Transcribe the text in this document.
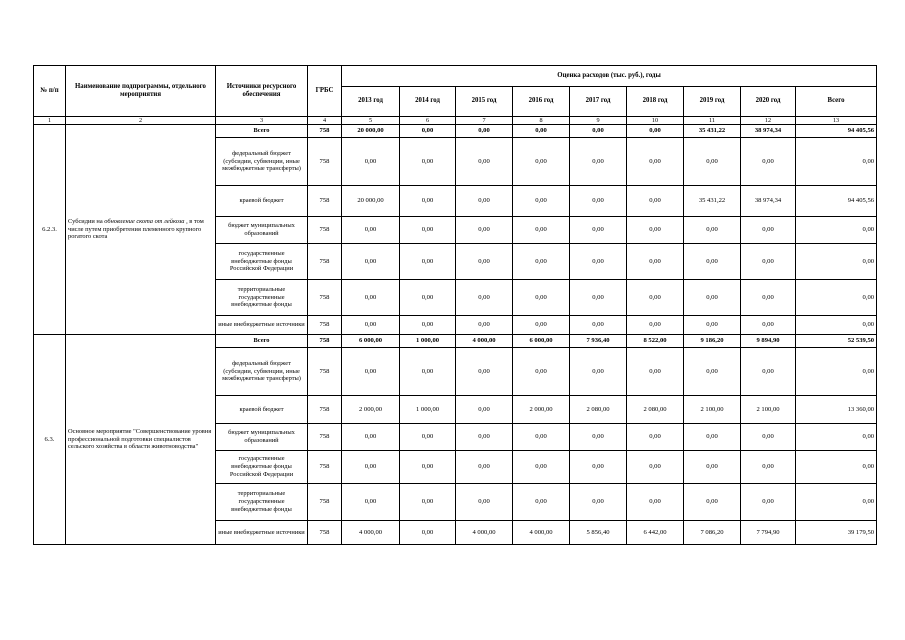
№ п/п	Наименование подпрограммы, отдельного мероприятия	Источники ресурсного обеспечения	ГРБС	Оценка расходов (тыс. руб.), годы								
				2013 год	2014 год	2015 год	2016 год	2017 год	2018 год	2019 год	2020 год	Всего
1	2	3	4	5	6	7	8	9	10	11	12	13
6.2.3.	Субсидии на обновление скота от лейкоза , в том числе путем приобретения племенного крупного рогатого скота	Всего	758	20 000,00	0,00	0,00	0,00	0,00	0,00	35 431,22	38 974,34	94 405,56
		федеральный бюджет (субсидии, субвенции, иные межбюджетные трансферты)	758	0,00	0,00	0,00	0,00	0,00	0,00	0,00	0,00	0,00
		краевой бюджет	758	20 000,00	0,00	0,00	0,00	0,00	0,00	35 431,22	38 974,34	94 405,56
		бюджет муниципальных образований	758	0,00	0,00	0,00	0,00	0,00	0,00	0,00	0,00	0,00
		государственные внебюджетные фонды Российской Федерации	758	0,00	0,00	0,00	0,00	0,00	0,00	0,00	0,00	0,00
		территориальные государственные внебюджетные фонды	758	0,00	0,00	0,00	0,00	0,00	0,00	0,00	0,00	0,00
		иные внебюджетные источники	758	0,00	0,00	0,00	0,00	0,00	0,00	0,00	0,00	0,00
6.3.	Основное мероприятие "Совершенствование уровня профессиональной подготовки специалистов сельского хозяйства в области животноводства"	Всего	758	6 000,00	1 000,00	4 000,00	6 000,00	7 936,40	8 522,00	9 186,20	9 894,90	52 539,50
		федеральный бюджет (субсидии, субвенции, иные межбюджетные трансферты)	758	0,00	0,00	0,00	0,00	0,00	0,00	0,00	0,00	0,00
		краевой бюджет	758	2 000,00	1 000,00	0,00	2 000,00	2 080,00	2 080,00	2 100,00	2 100,00	13 360,00
		бюджет муниципальных образований	758	0,00	0,00	0,00	0,00	0,00	0,00	0,00	0,00	0,00
		государственные внебюджетные фонды Российской Федерации	758	0,00	0,00	0,00	0,00	0,00	0,00	0,00	0,00	0,00
		территориальные государственные внебюджетные фонды	758	0,00	0,00	0,00	0,00	0,00	0,00	0,00	0,00	0,00
		иные внебюджетные источники	758	4 000,00	0,00	4 000,00	4 000,00	5 856,40	6 442,00	7 086,20	7 794,90	39 179,50
